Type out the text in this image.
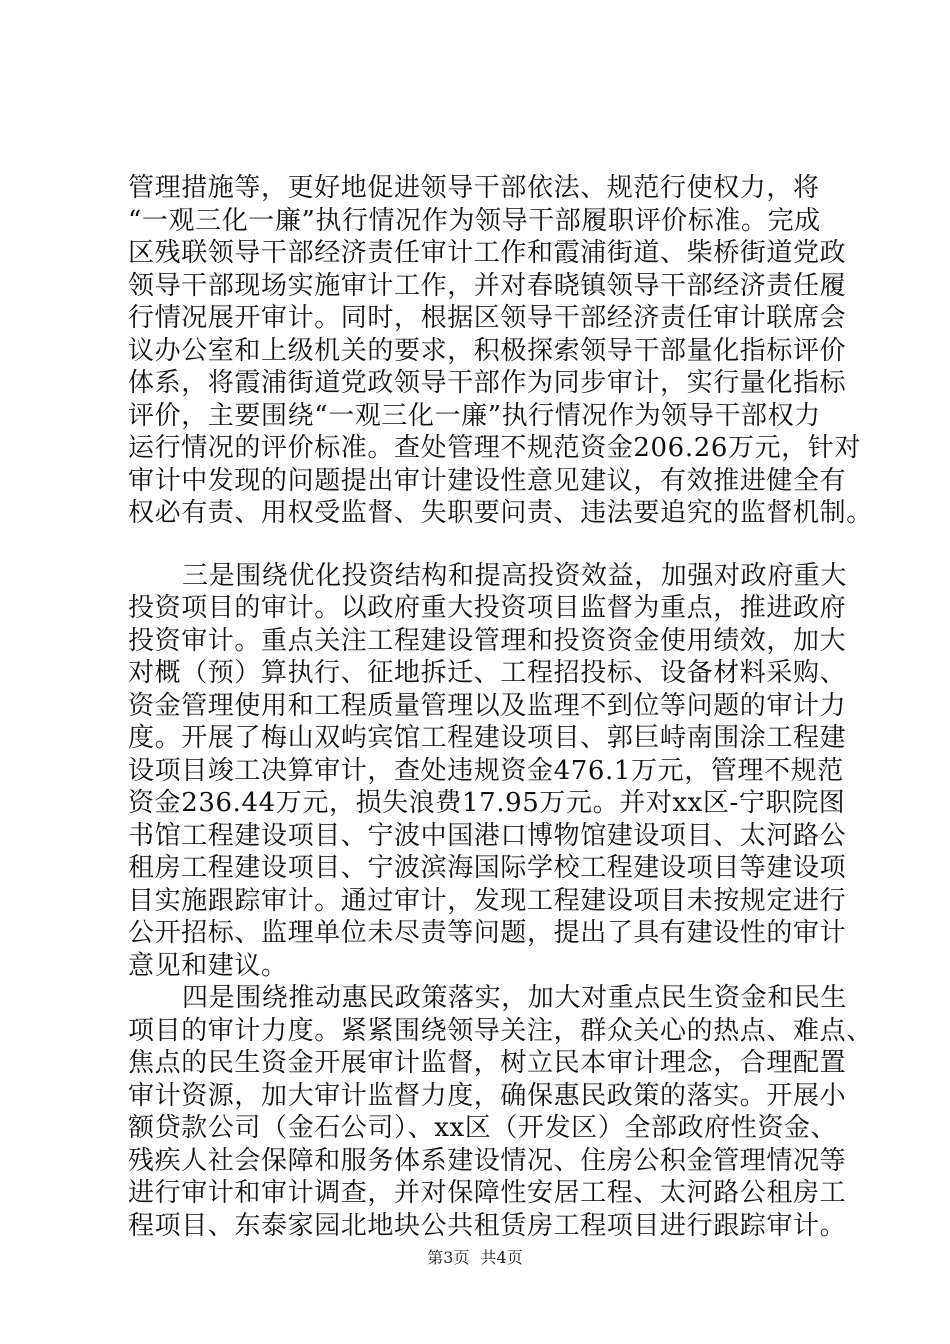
管理措施等，更好地促进领导干部依法、规范行使权力，将
“一观三化一廉”执行情况作为领导干部履职评价标准。完成
区残联领导干部经济责任审计工作和霞浦街道、柴桥街道党政
领导干部现场实施审计工作，并对春晓镇领导干部经济责任履
行情况展开审计。同时，根据区领导干部经济责任审计联席会
议办公室和上级机关的要求，积极探索领导干部量化指标评价
体系，将霞浦街道党政领导干部作为同步审计，实行量化指标
评价，主要围绕“一观三化一廉”执行情况作为领导干部权力
运行情况的评价标准。查处管理不规范资金206.26万元，针对
审计中发现的问题提出审计建设性意见建议，有效推进健全有
权必有责、用权受监督、失职要问责、违法要追究的监督机制。
三是围绕优化投资结构和提高投资效益，加强对政府重大
投资项目的审计。以政府重大投资项目监督为重点，推进政府
投资审计。重点关注工程建设管理和投资资金使用绩效，加大
对概（预）算执行、征地拆迁、工程招投标、设备材料采购、
资金管理使用和工程质量管理以及监理不到位等问题的审计力
度。开展了梅山双屿宾馆工程建设项目、郭巨峙南围涂工程建
设项目竣工决算审计，查处违规资金476.1万元，管理不规范
资金236.44万元，损失浪费17.95万元。并对xx区-宁职院图
书馆工程建设项目、宁波中国港口博物馆建设项目、太河路公
租房工程建设项目、宁波滨海国际学校工程建设项目等建设项
目实施跟踪审计。通过审计，发现工程建设项目未按规定进行
公开招标、监理单位未尽责等问题，提出了具有建设性的审计
意见和建议。
四是围绕推动惠民政策落实，加大对重点民生资金和民生
项目的审计力度。紧紧围绕领导关注，群众关心的热点、难点、
焦点的民生资金开展审计监督，树立民本审计理念，合理配置
审计资源，加大审计监督力度，确保惠民政策的落实。开展小
额贷款公司（金石公司）、xx区（开发区）全部政府性资金、
残疾人社会保障和服务体系建设情况、住房公积金管理情况等
进行审计和审计调查，并对保障性安居工程、太河路公租房工
程项目、东泰家园北地块公共租赁房工程项目进行跟踪审计。
第3页 共4页
